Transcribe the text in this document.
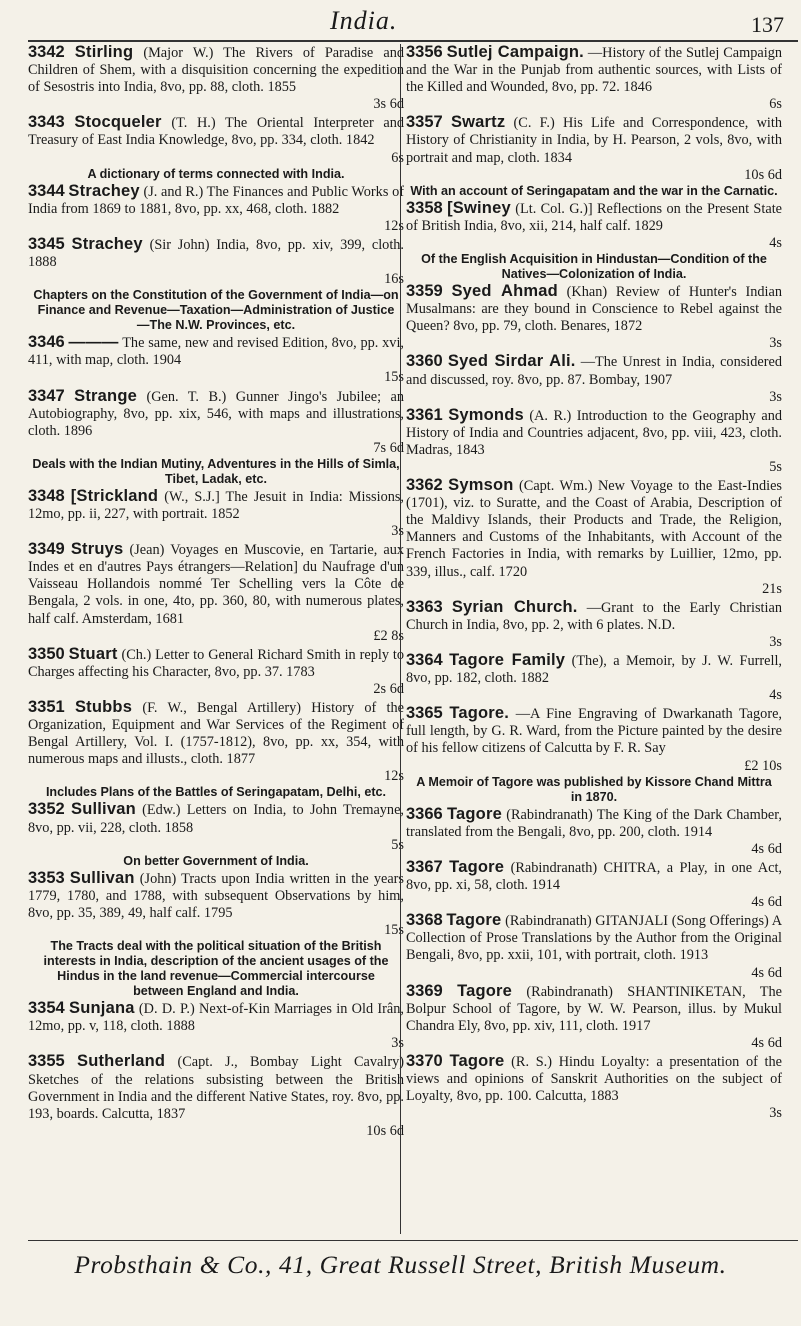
India.	137

3342 Stirling (Major W.) The Rivers of Paradise and Children of Shem, with a disquisition concerning the expedition of Sesostris into India, 8vo, pp. 88, cloth. 1855
3s 6d

3343 Stocqueler (T. H.) The Oriental Interpreter and Treasury of East India Knowledge, 8vo, pp. 334, cloth. 1842
6s

A dictionary of terms connected with India.

3344 Strachey (J. and R.) The Finances and Public Works of India from 1869 to 1881, 8vo, pp. xx, 468, cloth. 1882
12s

3345 Strachey (Sir John) India, 8vo, pp. xiv, 399, cloth. 1888
16s

Chapters on the Constitution of the Government of India—on Finance and Revenue—Taxation—Administration of Justice—The N.W. Provinces, etc.

3346 ——— The same, new and revised Edition, 8vo, pp. xvi, 411, with map, cloth. 1904
15s

3347 Strange (Gen. T. B.) Gunner Jingo's Jubilee; an Autobiography, 8vo, pp. xix, 546, with maps and illustrations, cloth. 1896
7s 6d

Deals with the Indian Mutiny, Adventures in the Hills of Simla, Tibet, Ladak, etc.

3348 [Strickland (W., S.J.] The Jesuit in India: Missions, 12mo, pp. ii, 227, with portrait. 1852
3s

3349 Struys (Jean) Voyages en Muscovie, en Tartarie, aux Indes et en d'autres Pays étrangers—Relation] du Naufrage d'un Vaisseau Hollandois nommé Ter Schelling vers la Côte de Bengala, 2 vols. in one, 4to, pp. 360, 80, with numerous plates, half calf. Amsterdam, 1681
£2 8s

3350 Stuart (Ch.) Letter to General Richard Smith in reply to Charges affecting his Character, 8vo, pp. 37. 1783
2s 6d

3351 Stubbs (F. W., Bengal Artillery) History of the Organization, Equipment and War Services of the Regiment of Bengal Artillery, Vol. I. (1757-1812), 8vo, pp. xx, 354, with numerous maps and illusts., cloth. 1877
12s

Includes Plans of the Battles of Seringapatam, Delhi, etc.

3352 Sullivan (Edw.) Letters on India, to John Tremayne, 8vo, pp. vii, 228, cloth. 1858
5s

On better Government of India.

3353 Sullivan (John) Tracts upon India written in the years 1779, 1780, and 1788, with subsequent Observations by him, 8vo, pp. 35, 389, 49, half calf. 1795
15s

The Tracts deal with the political situation of the British interests in India, description of the ancient usages of the Hindus in the land revenue—Commercial intercourse between England and India.

3354 Sunjana (D. D. P.) Next-of-Kin Marriages in Old Irân, 12mo, pp. v, 118, cloth. 1888
3s

3355 Sutherland (Capt. J., Bombay Light Cavalry) Sketches of the relations subsisting between the British Government in India and the different Native States, roy. 8vo, pp. 193, boards. Calcutta, 1837
10s 6d

3356 Sutlej Campaign. —History of the Sutlej Campaign and the War in the Punjab from authentic sources, with Lists of the Killed and Wounded, 8vo, pp. 72. 1846
6s

3357 Swartz (C. F.) His Life and Correspondence, with History of Christianity in India, by H. Pearson, 2 vols, 8vo, with portrait and map, cloth. 1834
10s 6d

With an account of Seringapatam and the war in the Carnatic.

3358 [Swiney (Lt. Col. G.)] Reflections on the Present State of British India, 8vo, xii, 214, half calf. 1829
4s

Of the English Acquisition in Hindustan—Condition of the Natives—Colonization of India.

3359 Syed Ahmad (Khan) Review of Hunter's Indian Musalmans: are they bound in Conscience to Rebel against the Queen? 8vo, pp. 79, cloth. Benares, 1872
3s

3360 Syed Sirdar Ali. —The Unrest in India, considered and discussed, roy. 8vo, pp. 87. Bombay, 1907
3s

3361 Symonds (A. R.) Introduction to the Geography and History of India and Countries adjacent, 8vo, pp. viii, 423, cloth. Madras, 1843
5s

3362 Symson (Capt. Wm.) New Voyage to the East-Indies (1701), viz. to Suratte, and the Coast of Arabia, Description of the Maldivy Islands, their Products and Trade, the Religion, Manners and Customs of the Inhabitants, with Account of the French Factories in India, with remarks by Luillier, 12mo, pp. 339, illus., calf. 1720
21s

3363 Syrian Church. —Grant to the Early Christian Church in India, 8vo, pp. 2, with 6 plates. N.D.
3s

3364 Tagore Family (The), a Memoir, by J. W. Furrell, 8vo, pp. 182, cloth. 1882
4s

3365 Tagore. —A Fine Engraving of Dwarkanath Tagore, full length, by G. R. Ward, from the Picture painted by the desire of his fellow citizens of Calcutta by F. R. Say
£2 10s

A Memoir of Tagore was published by Kissore Chand Mittra in 1870.

3366 Tagore (Rabindranath) The King of the Dark Chamber, translated from the Bengali, 8vo, pp. 200, cloth. 1914
4s 6d

3367 Tagore (Rabindranath) CHITRA, a Play, in one Act, 8vo, pp. xi, 58, cloth. 1914
4s 6d

3368 Tagore (Rabindranath) GITANJALI (Song Offerings) A Collection of Prose Translations by the Author from the Original Bengali, 8vo, pp. xxii, 101, with portrait, cloth. 1913
4s 6d

3369 Tagore (Rabindranath) SHANTINIKETAN, The Bolpur School of Tagore, by W. W. Pearson, illus. by Mukul Chandra Ely, 8vo, pp. xiv, 111, cloth. 1917
4s 6d

3370 Tagore (R. S.) Hindu Loyalty: a presentation of the views and opinions of Sanskrit Authorities on the subject of Loyalty, 8vo, pp. 100. Calcutta, 1883
3s

Probsthain & Co., 41, Great Russell Street, British Museum.
